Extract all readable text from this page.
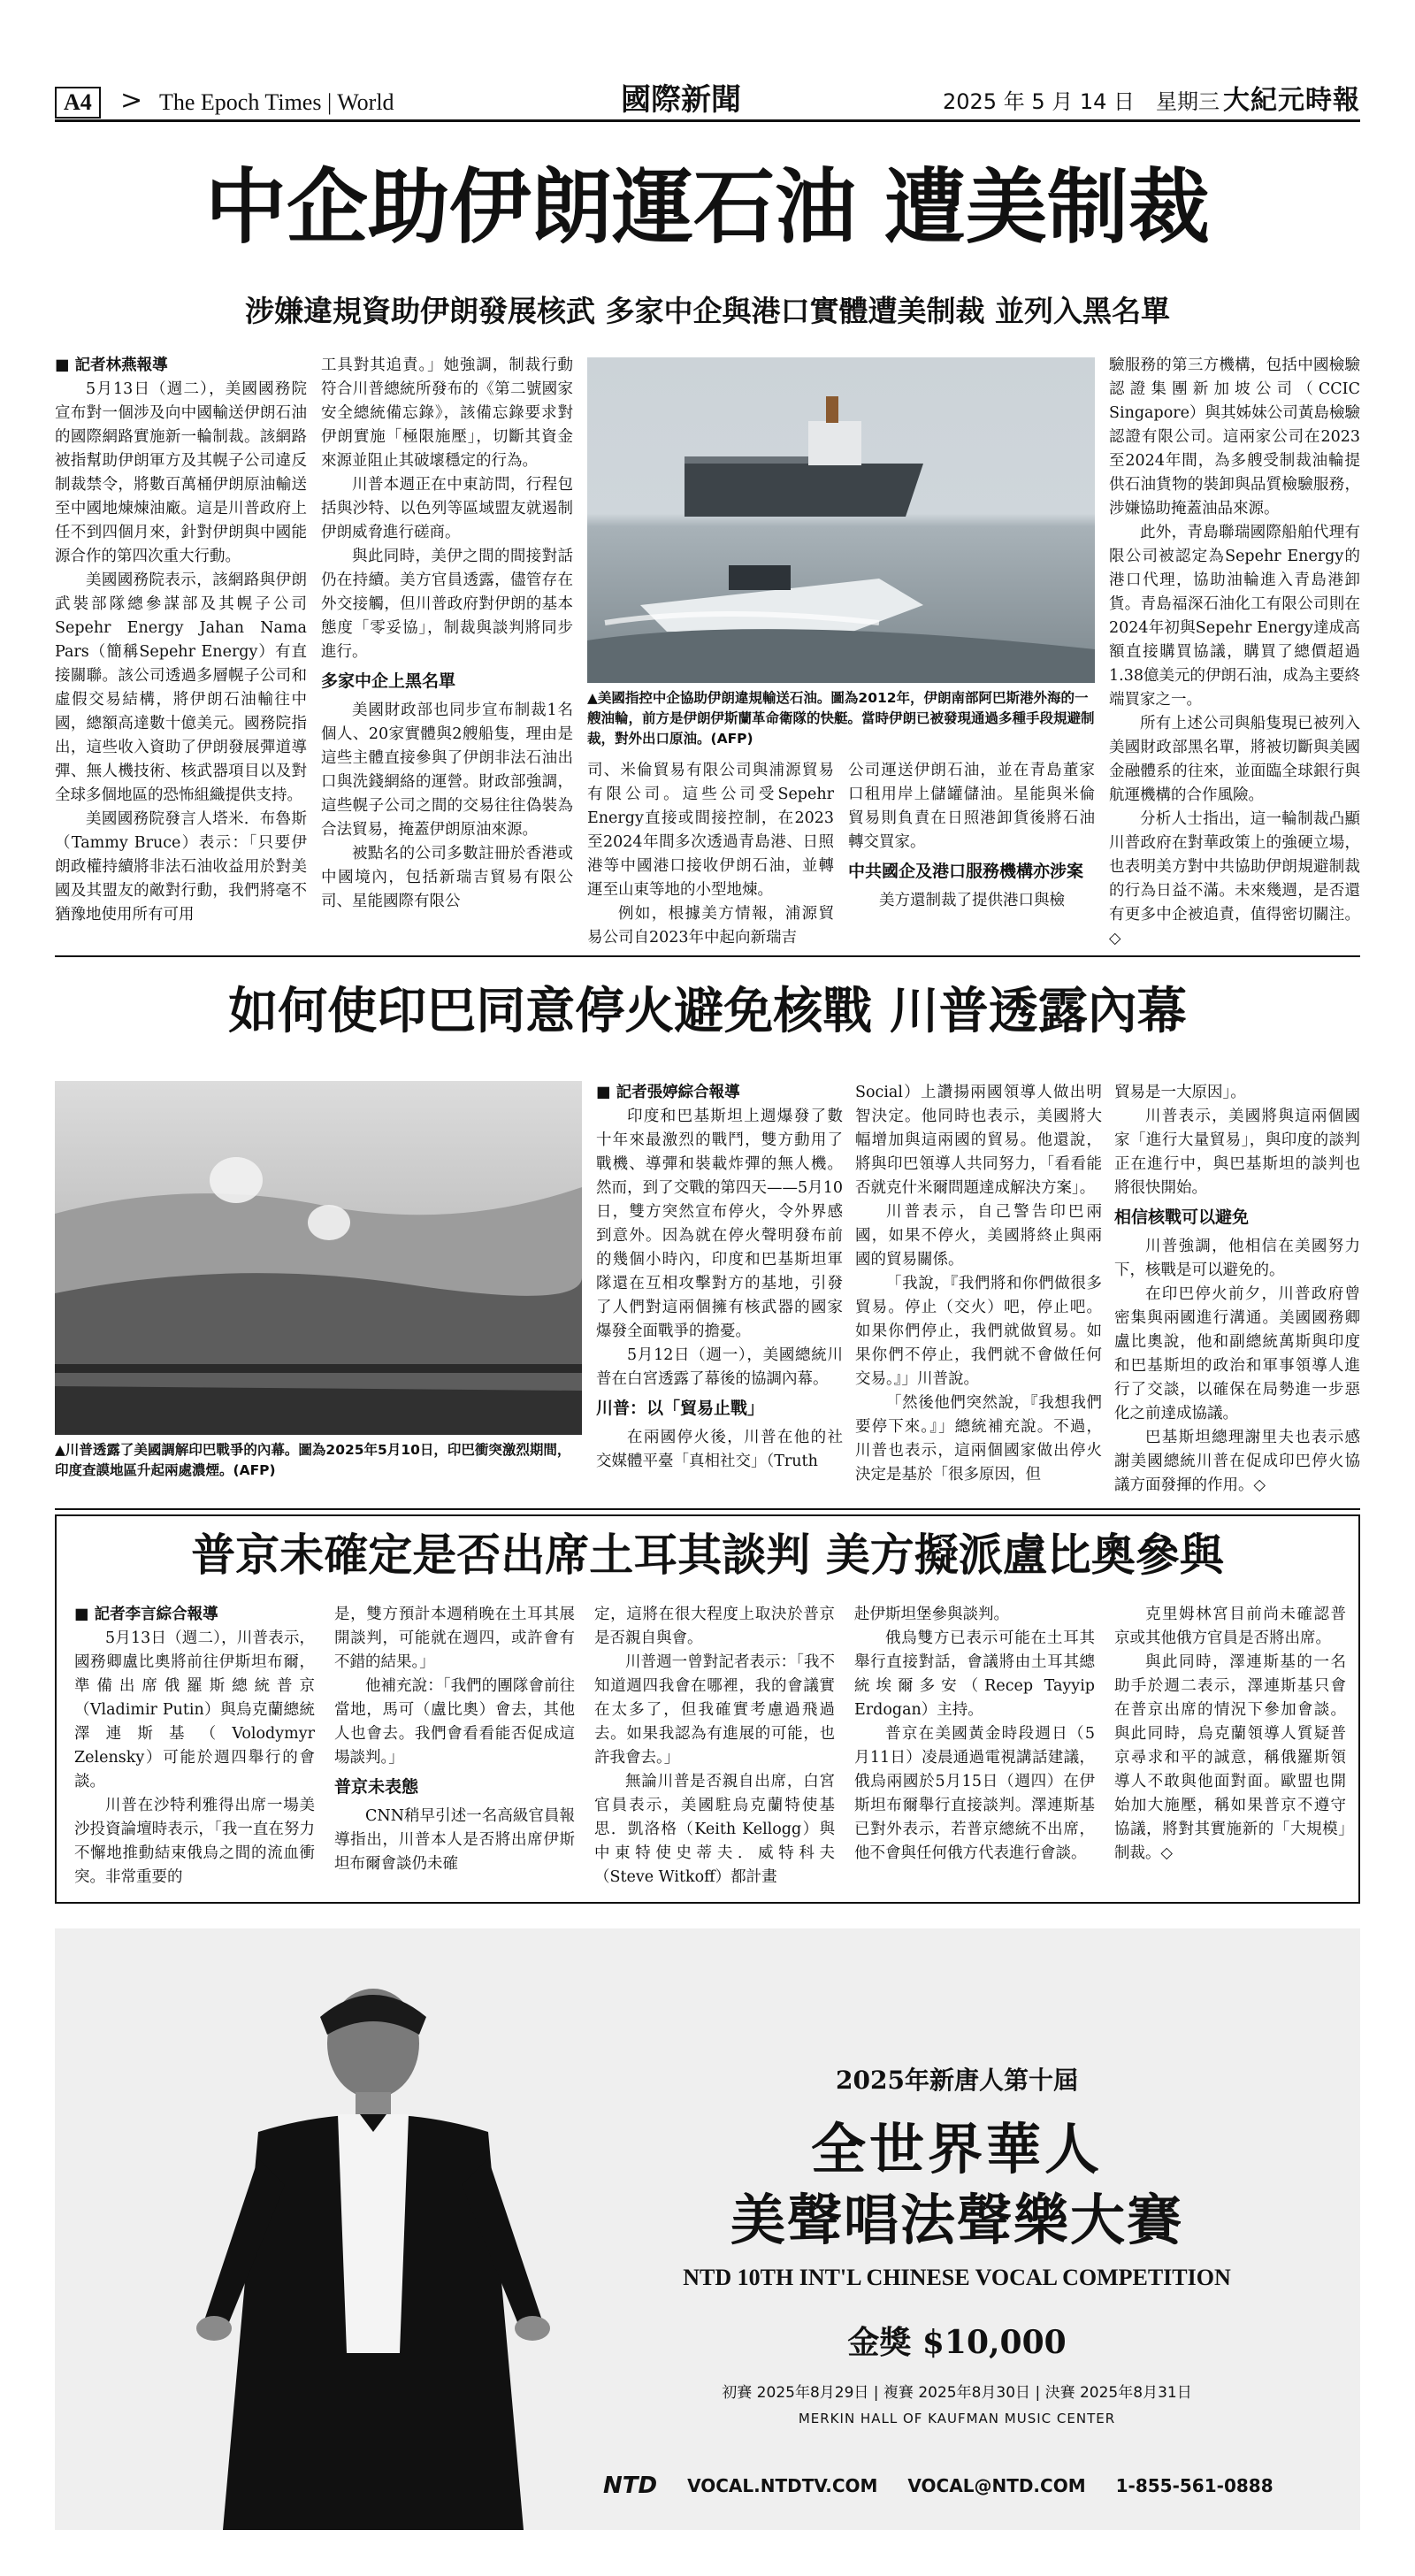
A4	> The Epoch Times | World	國際新聞	2025 年 5 月 14 日　星期三 大紀元時報
中企助伊朗運石油 遭美制裁
涉嫌違規資助伊朗發展核武 多家中企與港口實體遭美制裁 並列入黑名單
■ 記者林燕報導

5月13日（週二），美國國務院宣布對一個涉及向中國輸送伊朗石油的國際網路實施新一輪制裁。該網路被指幫助伊朗軍方及其幌子公司違反制裁禁令，將數百萬桶伊朗原油輸送至中國地煉煉油廠。這是川普政府上任不到四個月來，針對伊朗與中國能源合作的第四次重大行動。

美國國務院表示，該網路與伊朗武裝部隊總參謀部及其幌子公司 Sepehr Energy Jahan Nama Pars（簡稱Sepehr Energy）有直接關聯。該公司透過多層幌子公司和虛假交易結構，將伊朗石油輸往中國，總額高達數十億美元。國務院指出，這些收入資助了伊朗發展彈道導彈、無人機技術、核武器項目以及對全球多個地區的恐怖組織提供支持。

美國國務院發言人塔米．布魯斯（Tammy Bruce）表示：「只要伊朗政權持續將非法石油收益用於對美國及其盟友的敵對行動，我們將毫不猶豫地使用所有可用

工具對其追責。」她強調，制裁行動符合川普總統所發布的《第二號國家安全總統備忘錄》，該備忘錄要求對伊朗實施「極限施壓」，切斷其資金來源並阻止其破壞穩定的行為。

川普本週正在中東訪問，行程包括與沙特、以色列等區域盟友就遏制伊朗威脅進行磋商。

與此同時，美伊之間的間接對話仍在持續。美方官員透露，儘管存在外交接觸，但川普政府對伊朗的基本態度「零妥協」，制裁與談判將同步進行。

多家中企上黑名單

美國財政部也同步宣布制裁1名個人、20家實體與2艘船隻，理由是這些主體直接參與了伊朗非法石油出口與洗錢網絡的運營。財政部強調，這些幌子公司之間的交易往往偽裝為合法貿易，掩蓋伊朗原油來源。

被點名的公司多數註冊於香港或中國境內，包括新瑞吉貿易有限公司、星能國際有限公

▲美國指控中企協助伊朗違規輸送石油。圖為2012年，伊朗南部阿巴斯港外海的一艘油輪，前方是伊朗伊斯蘭革命衛隊的快艇。當時伊朗已被發現通過多種手段規避制裁，對外出口原油。(AFP)

司、米倫貿易有限公司與浦源貿易有限公司。這些公司受Sepehr Energy直接或間接控制，在2023至2024年間多次透過青島港、日照港等中國港口接收伊朗石油，並轉運至山東等地的小型地煉。

例如，根據美方情報，浦源貿易公司自2023年中起向新瑞吉

公司運送伊朗石油，並在青島董家口租用岸上儲罐儲油。星能與米倫貿易則負責在日照港卸貨後將石油轉交買家。

中共國企及港口服務機構亦涉案

美方還制裁了提供港口與檢

驗服務的第三方機構，包括中國檢驗認證集團新加坡公司（CCIC Singapore）與其姊妹公司黃島檢驗認證有限公司。這兩家公司在2023至2024年間，為多艘受制裁油輪提供石油貨物的裝卸與品質檢驗服務，涉嫌協助掩蓋油品來源。

此外，青島聯瑞國際船舶代理有限公司被認定為Sepehr Energy的港口代理，協助油輪進入青島港卸貨。青島福深石油化工有限公司則在2024年初與Sepehr Energy達成高額直接購買協議，購買了總價超過1.38億美元的伊朗石油，成為主要終端買家之一。

所有上述公司與船隻現已被列入美國財政部黑名單，將被切斷與美國金融體系的往來，並面臨全球銀行與航運機構的合作風險。

分析人士指出，這一輪制裁凸顯川普政府在對華政策上的強硬立場，也表明美方對中共協助伊朗規避制裁的行為日益不滿。未來幾週，是否還有更多中企被追責，值得密切關注。◇

如何使印巴同意停火避免核戰 川普透露內幕
▲川普透露了美國調解印巴戰爭的內幕。圖為2025年5月10日，印巴衝突激烈期間，印度查謨地區升起兩處濃煙。(AFP)
■ 記者張婷綜合報導

印度和巴基斯坦上週爆發了數十年來最激烈的戰鬥，雙方動用了戰機、導彈和裝載炸彈的無人機。然而，到了交戰的第四天——5月10日，雙方突然宣布停火，令外界感到意外。因為就在停火聲明發布前的幾個小時內，印度和巴基斯坦軍隊還在互相攻擊對方的基地，引發了人們對這兩個擁有核武器的國家爆發全面戰爭的擔憂。

5月12日（週一），美國總統川普在白宮透露了幕後的協調內幕。

川普：以「貿易止戰」

在兩國停火後，川普在他的社交媒體平臺「真相社交」（Truth

Social）上讚揚兩國領導人做出明智決定。他同時也表示，美國將大幅增加與這兩國的貿易。他還說，將與印巴領導人共同努力，「看看能否就克什米爾問題達成解決方案」。

川普表示，自己警告印巴兩國，如果不停火，美國將終止與兩國的貿易關係。

「我說，『我們將和你們做很多貿易。停止（交火）吧，停止吧。如果你們停止，我們就做貿易。如果你們不停止，我們就不會做任何交易。』」川普說。

「然後他們突然說，『我想我們要停下來。』」總統補充說。不過，川普也表示，這兩個國家做出停火決定是基於「很多原因，但

貿易是一大原因」。

川普表示，美國將與這兩個國家「進行大量貿易」，與印度的談判正在進行中，與巴基斯坦的談判也將很快開始。

相信核戰可以避免

川普強調，他相信在美國努力下，核戰是可以避免的。

在印巴停火前夕，川普政府曾密集與兩國進行溝通。美國國務卿盧比奧說，他和副總統萬斯與印度和巴基斯坦的政治和軍事領導人進行了交談，以確保在局勢進一步惡化之前達成協議。

巴基斯坦總理謝里夫也表示感謝美國總統川普在促成印巴停火協議方面發揮的作用。◇

普京未確定是否出席土耳其談判 美方擬派盧比奧參與
■ 記者李言綜合報導

5月13日（週二），川普表示，國務卿盧比奧將前往伊斯坦布爾，準備出席俄羅斯總統普京（Vladimir Putin）與烏克蘭總統澤連斯基（Volodymyr Zelensky）可能於週四舉行的會談。

川普在沙特利雅得出席一場美沙投資論壇時表示，「我一直在努力不懈地推動結束俄烏之間的流血衝突。非常重要的

是，雙方預計本週稍晚在土耳其展開談判，可能就在週四，或許會有不錯的結果。」

他補充說：「我們的團隊會前往當地，馬可（盧比奧）會去，其他人也會去。我們會看看能否促成這場談判。」

普京未表態

CNN稍早引述一名高級官員報導指出，川普本人是否將出席伊斯坦布爾會談仍未確

定，這將在很大程度上取決於普京是否親自與會。

川普週一曾對記者表示：「我不知道週四我會在哪裡，我的會議實在太多了，但我確實考慮過飛過去。如果我認為有進展的可能，也許我會去。」

無論川普是否親自出席，白宮官員表示，美國駐烏克蘭特使基思．凱洛格（Keith Kellogg）與中東特使史蒂夫．威特科夫（Steve Witkoff）都計畫

赴伊斯坦堡參與談判。

俄烏雙方已表示可能在土耳其舉行直接對話，會議將由土耳其總統埃爾多安（Recep Tayyip Erdogan）主持。

普京在美國黃金時段週日（5月11日）凌晨通過電視講話建議，俄烏兩國於5月15日（週四）在伊斯坦布爾舉行直接談判。澤連斯基已對外表示，若普京總統不出席，他不會與任何俄方代表進行會談。

克里姆林宮目前尚未確認普京或其他俄方官員是否將出席。

與此同時，澤連斯基的一名助手於週二表示，澤連斯基只會在普京出席的情況下參加會談。與此同時，烏克蘭領導人質疑普京尋求和平的誠意，稱俄羅斯領導人不敢與他面對面。歐盟也開始加大施壓，稱如果普京不遵守協議，將對其實施新的「大規模」制裁。◇

2025年新唐人第十屆
全世界華人
美聲唱法聲樂大賽
NTD 10TH INT'L CHINESE VOCAL COMPETITION
金獎 $10,000
初賽 2025年8月29日 | 複賽 2025年8月30日 | 決賽 2025年8月31日
MERKIN HALL OF KAUFMAN MUSIC CENTER
NTD VOCAL.NTDTV.COM VOCAL@NTD.COM 1-855-561-0888
